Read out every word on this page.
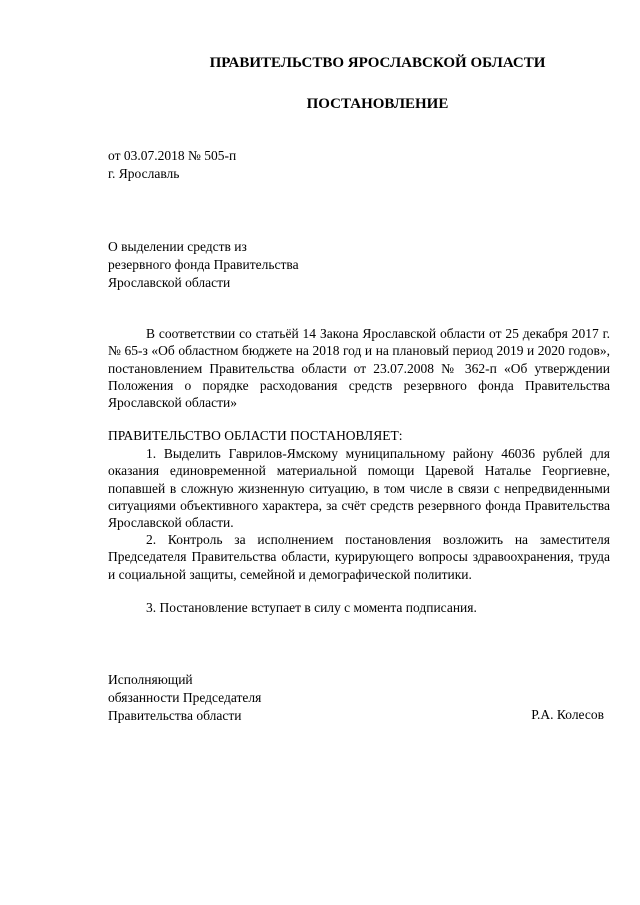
ПРАВИТЕЛЬСТВО ЯРОСЛАВСКОЙ ОБЛАСТИ
ПОСТАНОВЛЕНИЕ
от 03.07.2018 № 505-п
г. Ярославль
О выделении средств из
резервного фонда Правительства
Ярославской области
В соответствии со статьёй 14 Закона Ярославской области от 25 декабря 2017 г. № 65-з «Об областном бюджете на 2018 год и на плановый период 2019 и 2020 годов», постановлением Правительства области от 23.07.2008 № 362-п «Об утверждении Положения о порядке расходования средств резервного фонда Правительства Ярославской области»
ПРАВИТЕЛЬСТВО ОБЛАСТИ ПОСТАНОВЛЯЕТ:
1. Выделить Гаврилов-Ямскому муниципальному району 46036 рублей для оказания единовременной материальной помощи Царевой Наталье Георгиевне, попавшей в сложную жизненную ситуацию, в том числе в связи с непредвиденными ситуациями объективного характера, за счёт средств резервного фонда Правительства Ярославской области.
2. Контроль за исполнением постановления возложить на заместителя Председателя Правительства области, курирующего вопросы здравоохранения, труда и социальной защиты, семейной и демографической политики.
3. Постановление вступает в силу с момента подписания.
Исполняющий
обязанности Председателя
Правительства области	Р.А. Колесов
